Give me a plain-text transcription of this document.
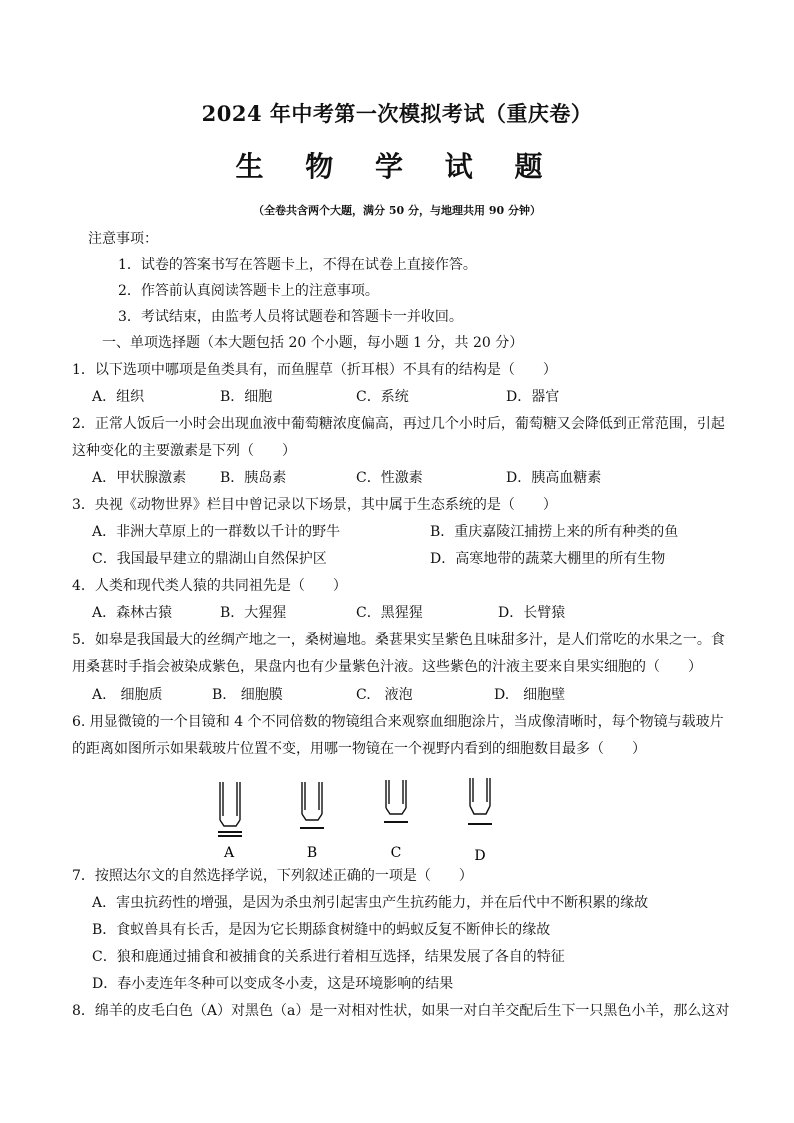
2024 年中考第一次模拟考试（重庆卷）
生 物 学 试 题
（全卷共含两个大题，满分 50 分，与地理共用 90 分钟）
注意事项：
1．试卷的答案书写在答题卡上，不得在试卷上直接作答。
2．作答前认真阅读答题卡上的注意事项。
3．考试结束，由监考人员将试题卷和答题卡一并收回。
一、单项选择题（本大题包括 20 个小题，每小题 1 分，共 20 分）
1．以下选项中哪项是鱼类具有，而鱼腥草（折耳根）不具有的结构是（　　）
A．组织	B．细胞	C．系统	D．器官
2．正常人饭后一小时会出现血液中葡萄糖浓度偏高，再过几个小时后，葡萄糖又会降低到正常范围，引起
这种变化的主要激素是下列（　　）
A．甲状腺激素 B．胰岛素	C．性激素	D．胰高血糖素
3．央视《动物世界》栏目中曾记录以下场景，其中属于生态系统的是（　　）
A．非洲大草原上的一群数以千计的野牛	B．重庆嘉陵江捕捞上来的所有种类的鱼
C．我国最早建立的鼎湖山自然保护区	D．高寒地带的蔬菜大棚里的所有生物
4．人类和现代类人猿的共同祖先是（　　）
A．森林古猿	B．大猩猩	C．黑猩猩	D．长臂猿
5．如皋是我国最大的丝绸产地之一，桑树遍地。桑葚果实呈紫色且味甜多汁，是人们常吃的水果之一。食
用桑葚时手指会被染成紫色，果盘内也有少量紫色汁液。这些紫色的汁液主要来自果实细胞的（　　）
A.　细胞质	B.　细胞膜	C.　液泡	D.　细胞壁
6. 用显微镜的一个目镜和 4 个不同倍数的物镜组合来观察血细胞涂片，当成像清晰时，每个物镜与载玻片
的距离如图所示如果载玻片位置不变，用哪一物镜在一个视野内看到的细胞数目最多（　　）
A	B	C	D
7．按照达尔文的自然选择学说，下列叙述正确的一项是（　　）
A．害虫抗药性的增强，是因为杀虫剂引起害虫产生抗药能力，并在后代中不断积累的缘故
B．食蚁兽具有长舌，是因为它长期舔食树缝中的蚂蚁反复不断伸长的缘故
C．狼和鹿通过捕食和被捕食的关系进行着相互选择，结果发展了各自的特征
D．春小麦连年冬种可以变成冬小麦，这是环境影响的结果
8．绵羊的皮毛白色（A）对黑色（a）是一对相对性状，如果一对白羊交配后生下一只黑色小羊，那么这对
